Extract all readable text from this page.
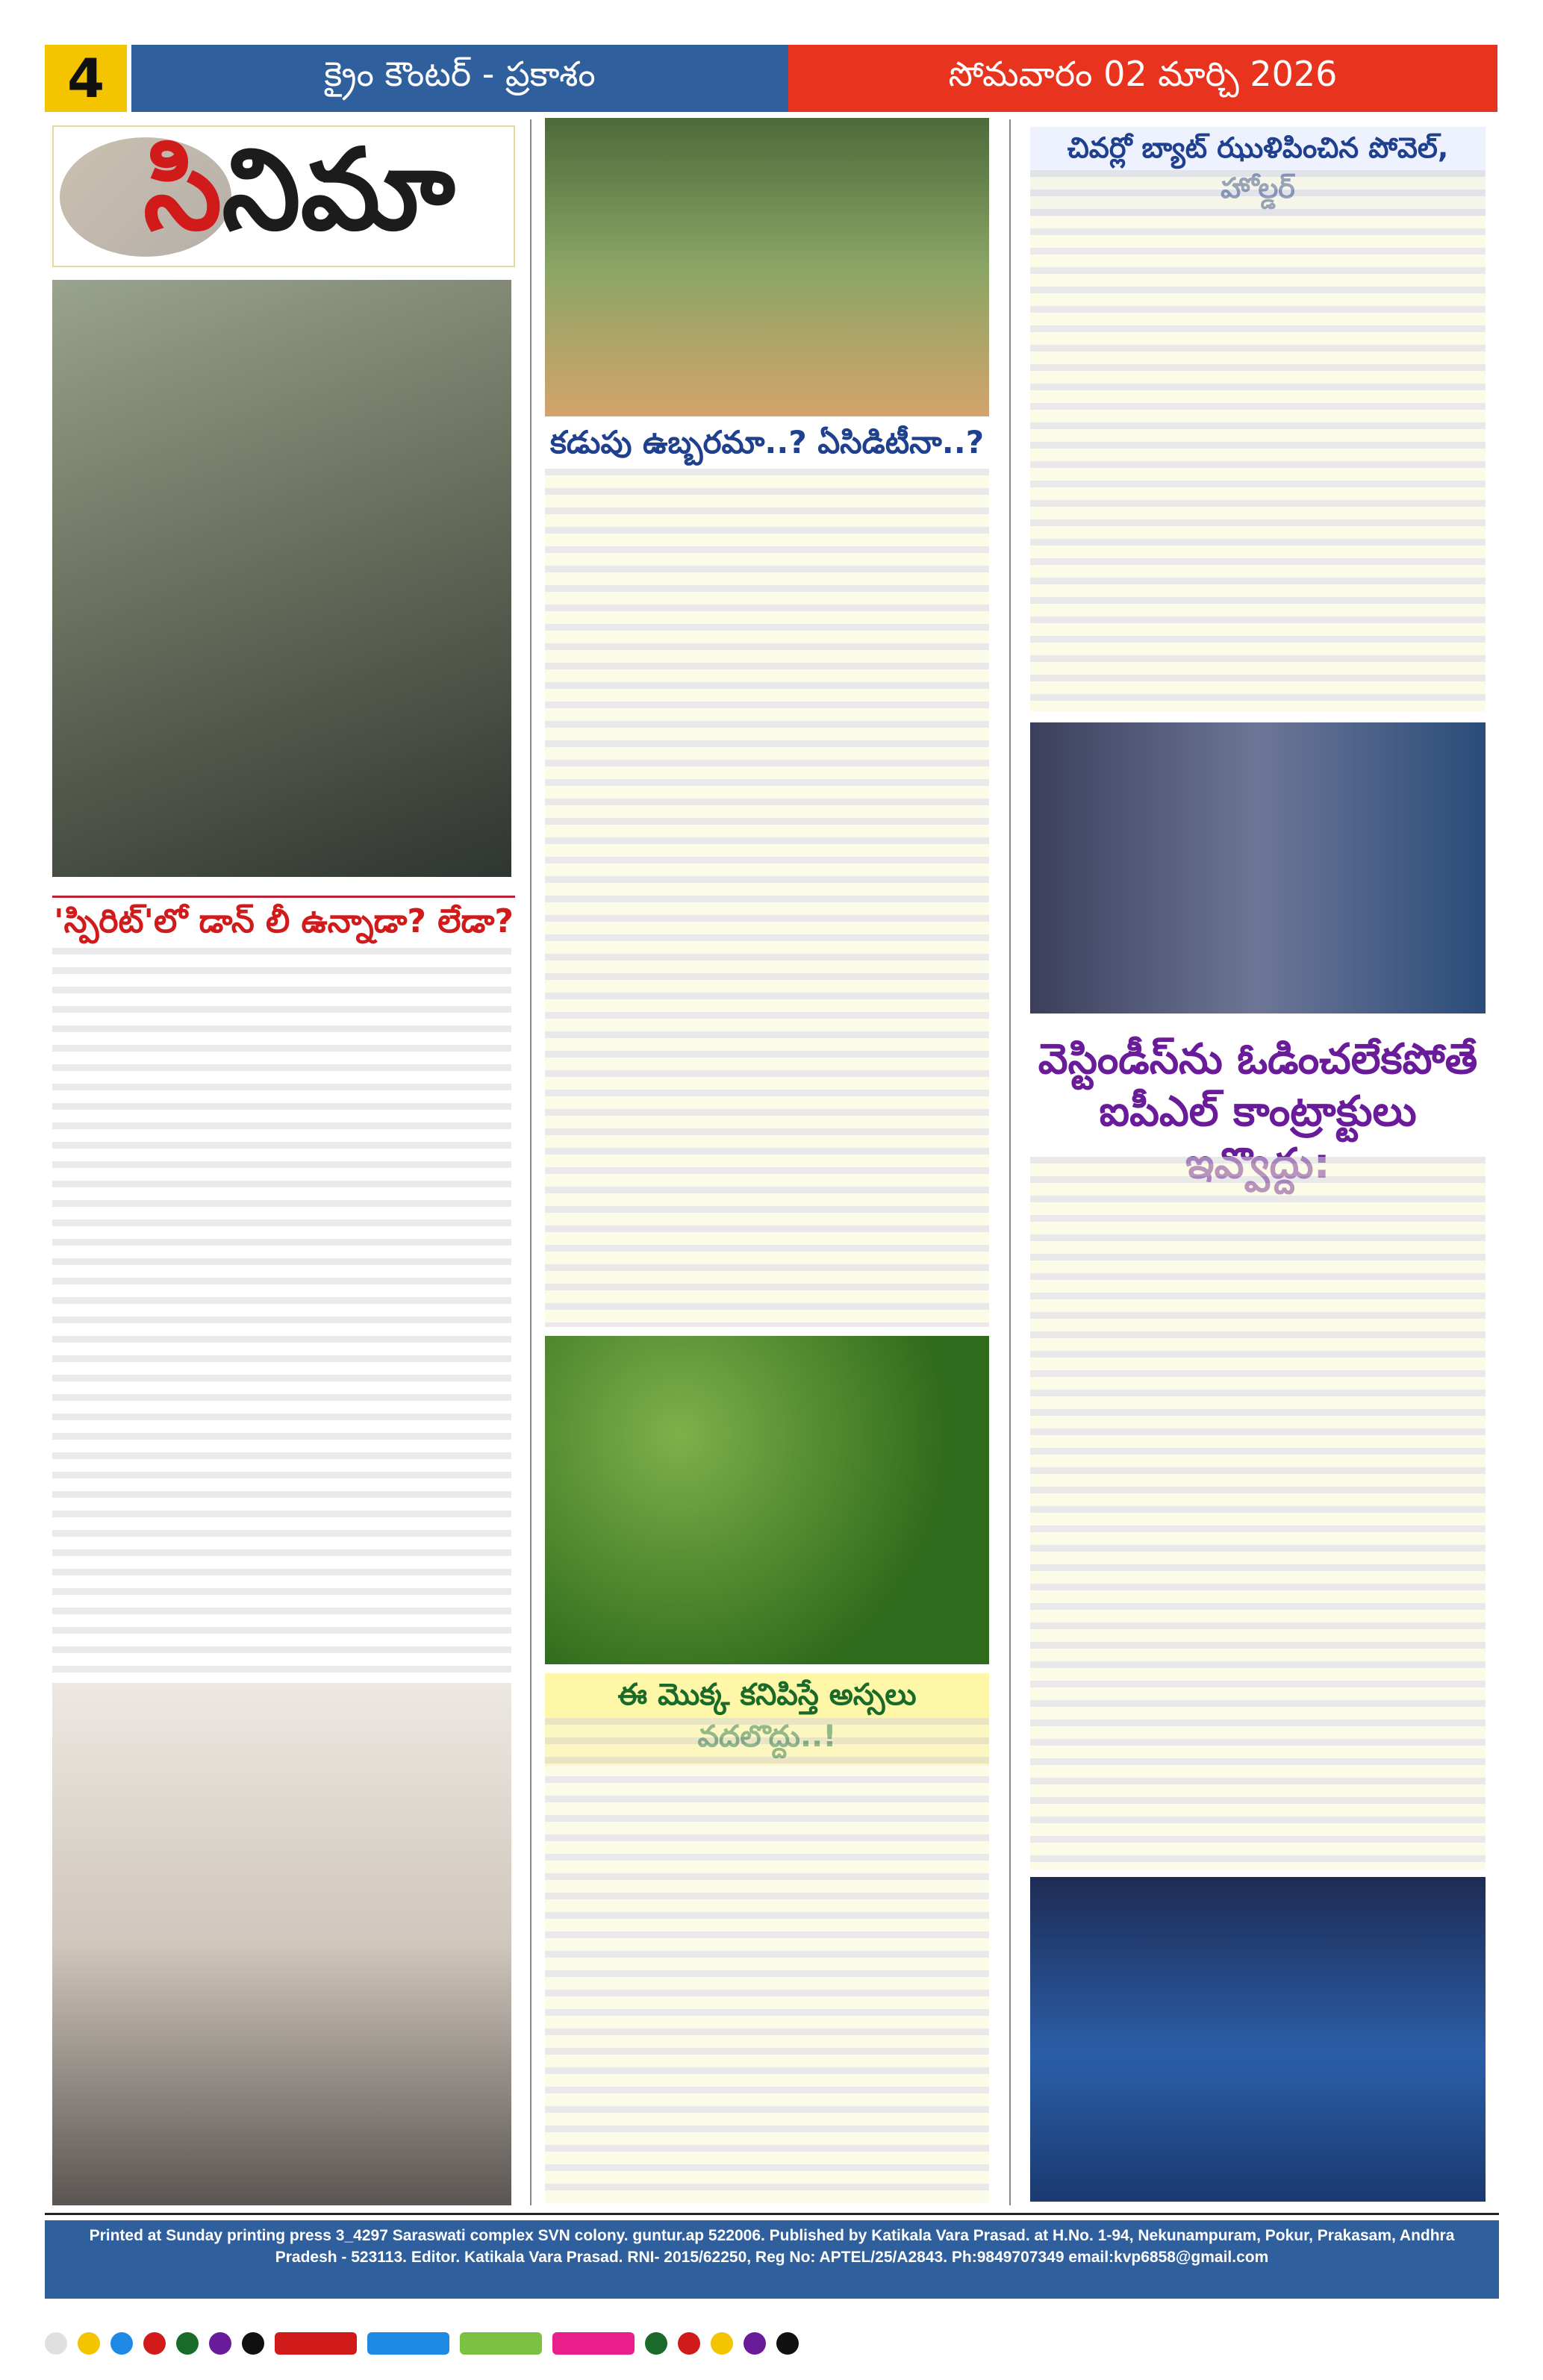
4	క్రైం కౌంటర్ - ప్రకాశం	సోమవారం 02 మార్చి 2026
సినిమా
'స్పిరిట్'లో డాన్ లీ ఉన్నాడా? లేడా?
కడుపు ఉబ్బరమా..? ఏసిడిటీనా..?
ఈ మొక్క కనిపిస్తే అస్సలు
చివర్లో బ్యాట్ ఝుళిపించిన పోవెల్,
వెస్టిండీస్‌ను ఓడించలేకపోతే ఐపీఎల్ కాంట్రాక్టులు
Printed at Sunday printing press 3_4297 Saraswati complex SVN colony. guntur.ap 522006. Published by Katikala Vara Prasad. at H.No. 1-94, Nekunampuram, Pokur, Prakasam, Andhra Pradesh - 523113. Editor. Katikala Vara Prasad. RNI- 2015/62250, Reg No: APTEL/25/A2843. Ph:9849707349 email:kvp6858@gmail.com
